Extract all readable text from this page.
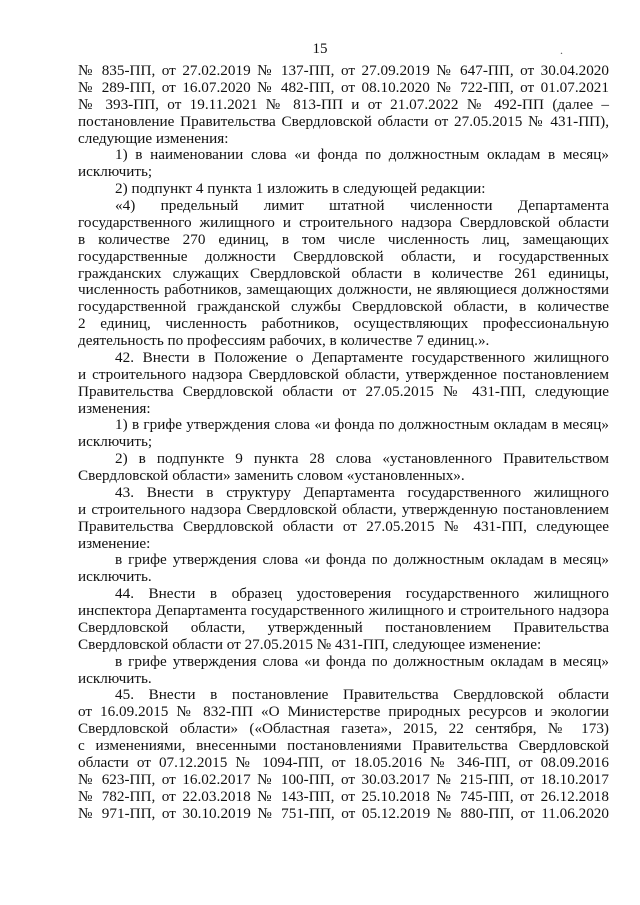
15	.
№ 835-ПП, от 27.02.2019 № 137-ПП, от 27.09.2019 № 647-ПП, от 30.04.2020
№ 289-ПП, от 16.07.2020 № 482-ПП, от 08.10.2020 № 722-ПП, от 01.07.2021
№ 393-ПП, от 19.11.2021 № 813-ПП и от 21.07.2022 № 492-ПП (далее –
постановление Правительства Свердловской области от 27.05.2015 № 431-ПП),
следующие изменения:
1) в наименовании слова «и фонда по должностным окладам в месяц»
исключить;
2) подпункт 4 пункта 1 изложить в следующей редакции:
«4) предельный лимит штатной численности Департамента
государственного жилищного и строительного надзора Свердловской области
в количестве 270 единиц, в том числе численность лиц, замещающих
государственные должности Свердловской области, и государственных
гражданских служащих Свердловской области в количестве 261 единицы,
численность работников, замещающих должности, не являющиеся должностями
государственной гражданской службы Свердловской области, в количестве
2 единиц, численность работников, осуществляющих профессиональную
деятельность по профессиям рабочих, в количестве 7 единиц.».
42. Внести в Положение о Департаменте государственного жилищного
и строительного надзора Свердловской области, утвержденное постановлением
Правительства Свердловской области от 27.05.2015 № 431-ПП, следующие
изменения:
1) в грифе утверждения слова «и фонда по должностным окладам в месяц»
исключить;
2) в подпункте 9 пункта 28 слова «установленного Правительством
Свердловской области» заменить словом «установленных».
43. Внести в структуру Департамента государственного жилищного
и строительного надзора Свердловской области, утвержденную постановлением
Правительства Свердловской области от 27.05.2015 № 431-ПП, следующее
изменение:
в грифе утверждения слова «и фонда по должностным окладам в месяц»
исключить.
44. Внести в образец удостоверения государственного жилищного
инспектора Департамента государственного жилищного и строительного надзора
Свердловской области, утвержденный постановлением Правительства
Свердловской области от 27.05.2015 № 431-ПП, следующее изменение:
в грифе утверждения слова «и фонда по должностным окладам в месяц»
исключить.
45. Внести в постановление Правительства Свердловской области
от 16.09.2015 № 832-ПП «О Министерстве природных ресурсов и экологии
Свердловской области» («Областная газета», 2015, 22 сентября, № 173)
с изменениями, внесенными постановлениями Правительства Свердловской
области от 07.12.2015 № 1094-ПП, от 18.05.2016 № 346-ПП, от 08.09.2016
№ 623-ПП, от 16.02.2017 № 100-ПП, от 30.03.2017 № 215-ПП, от 18.10.2017
№ 782-ПП, от 22.03.2018 № 143-ПП, от 25.10.2018 № 745-ПП, от 26.12.2018
№ 971-ПП, от 30.10.2019 № 751-ПП, от 05.12.2019 № 880-ПП, от 11.06.2020
